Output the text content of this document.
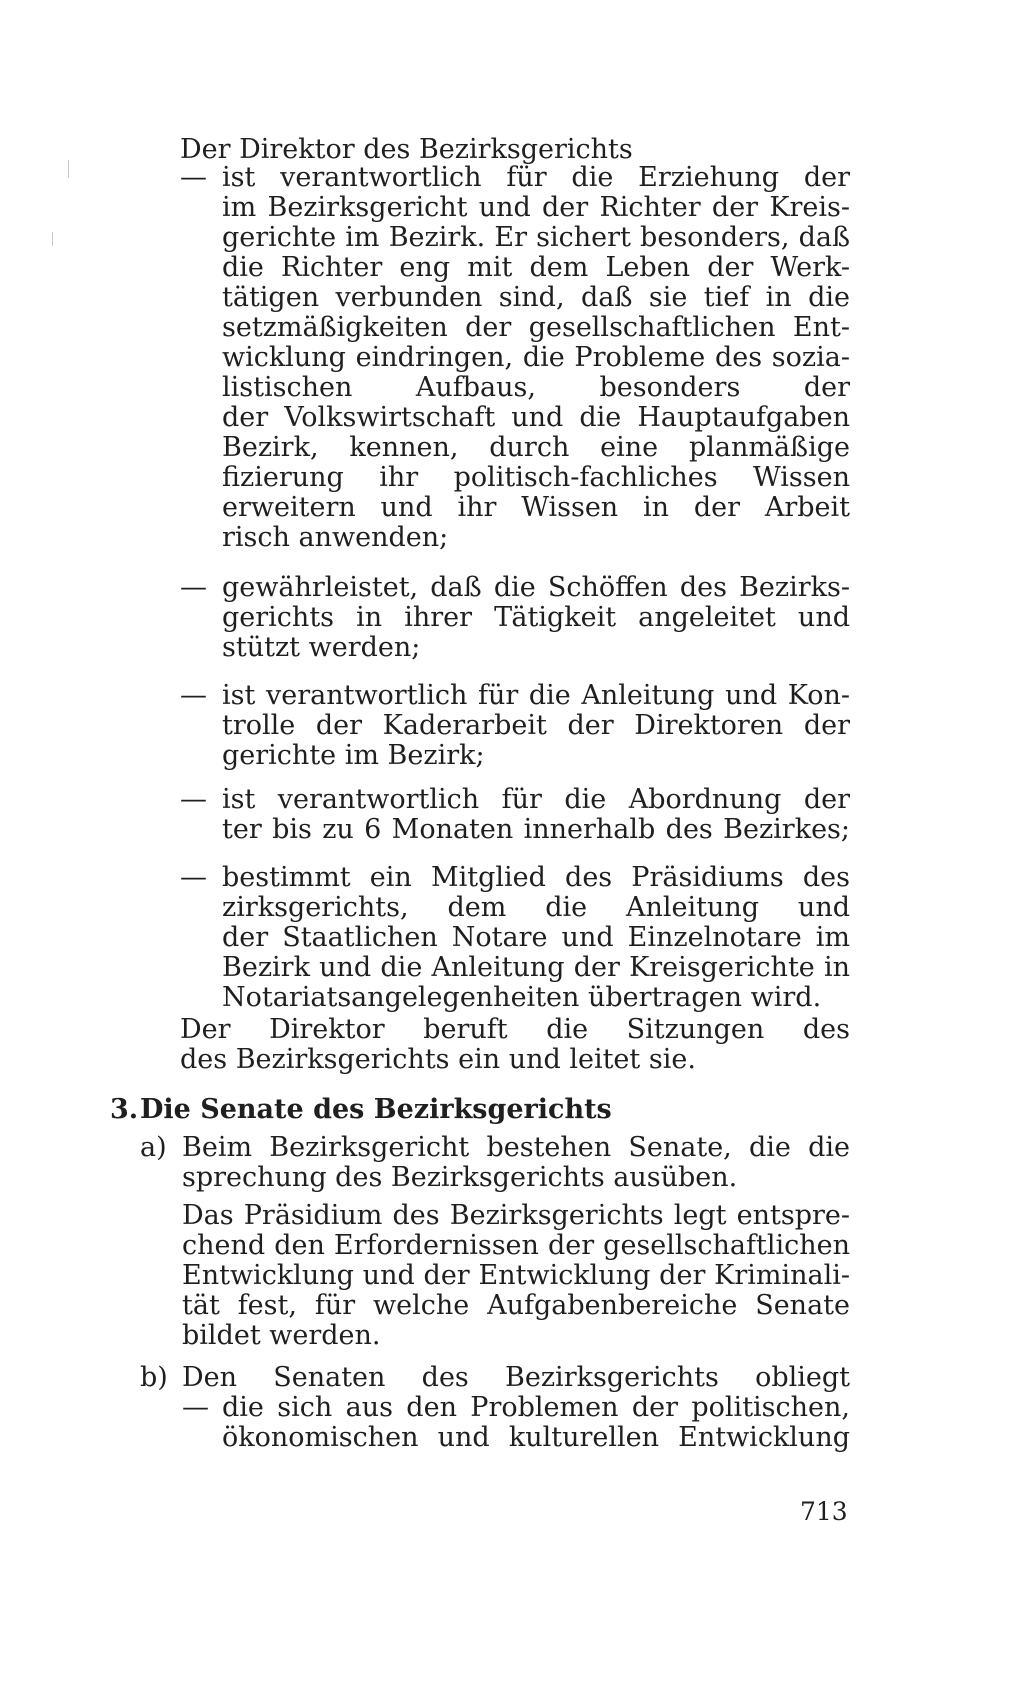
Der Direktor des Bezirksgerichts
— ist verantwortlich für die Erziehung der
im Bezirksgericht und der Richter der Kreis-
gerichte im Bezirk. Er sichert besonders, daß
die Richter eng mit dem Leben der Werk-
tätigen verbunden sind, daß sie tief in die
setzmäßigkeiten der gesellschaftlichen Ent-
wicklung eindringen, die Probleme des sozia-
listischen Aufbaus, besonders der
der Volkswirtschaft und die Hauptaufgaben
Bezirk, kennen, durch eine planmäßige
fizierung ihr politisch-fachliches Wissen
erweitern und ihr Wissen in der Arbeit
risch anwenden;
— gewährleistet, daß die Schöffen des Bezirks-
gerichts in ihrer Tätigkeit angeleitet und
stützt werden;
— ist verantwortlich für die Anleitung und Kon-
trolle der Kaderarbeit der Direktoren der
gerichte im Bezirk;
— ist verantwortlich für die Abordnung der
ter bis zu 6 Monaten innerhalb des Bezirkes;
— bestimmt ein Mitglied des Präsidiums des
zirksgerichts, dem die Anleitung und
der Staatlichen Notare und Einzelnotare im
Bezirk und die Anleitung der Kreisgerichte in
Notariatsangelegenheiten übertragen wird.
Der Direktor beruft die Sitzungen des
des Bezirksgerichts ein und leitet sie.
3. Die Senate des Bezirksgerichts
a) Beim Bezirksgericht bestehen Senate, die die
sprechung des Bezirksgerichts ausüben.
Das Präsidium des Bezirksgerichts legt entspre-
chend den Erfordernissen der gesellschaftlichen
Entwicklung und der Entwicklung der Kriminali-
tät fest, für welche Aufgabenbereiche Senate
bildet werden.
b) Den Senaten des Bezirksgerichts obliegt
— die sich aus den Problemen der politischen,
ökonomischen und kulturellen Entwicklung
713
